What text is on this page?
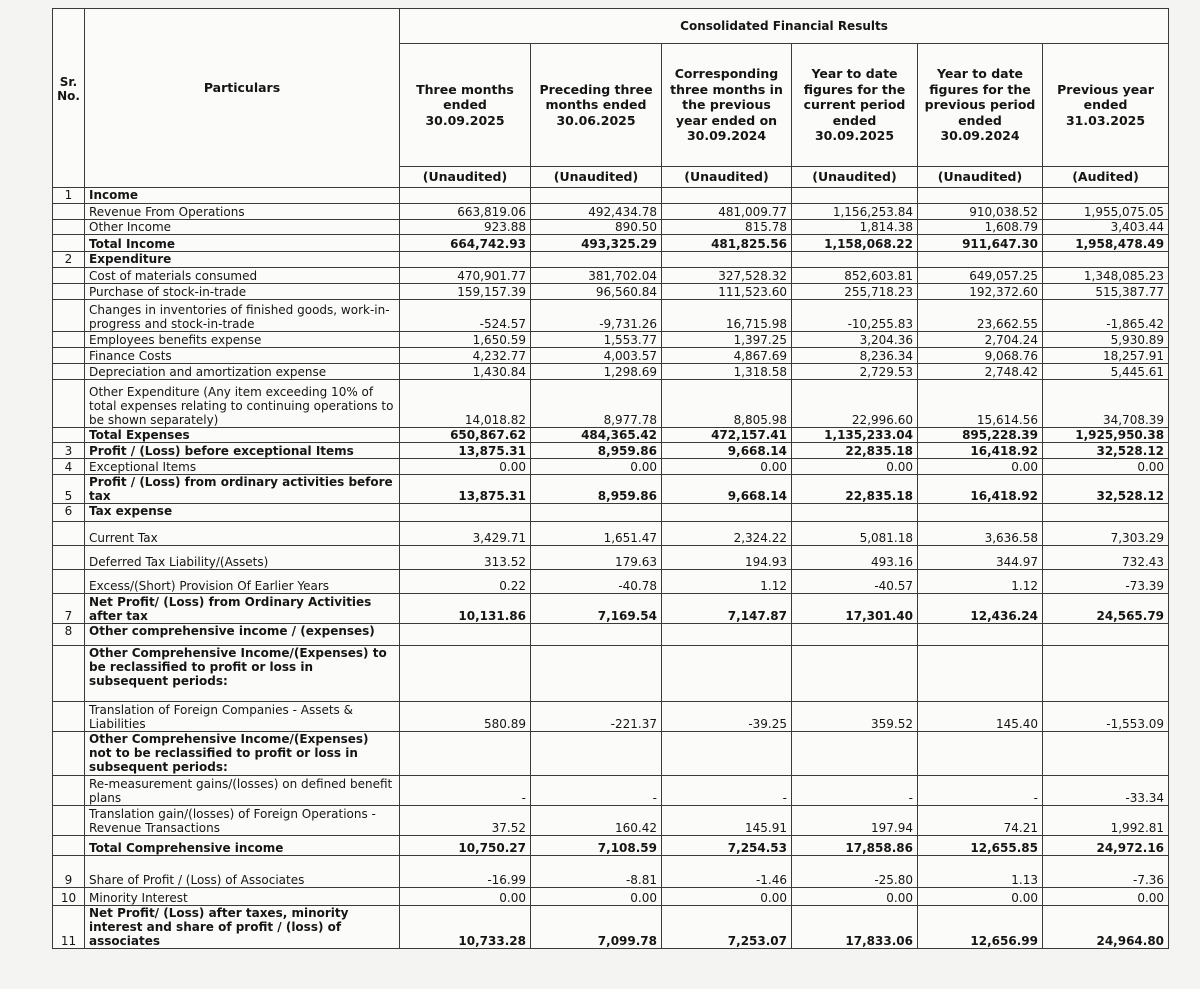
Sr. No.	Particulars	Consolidated Financial Results					
		Three months ended 30.09.2025	Preceding three months ended 30.06.2025	Corresponding three months in the previous year ended on 30.09.2024	Year to date figures for the current period ended 30.09.2025	Year to date figures for the previous period ended 30.09.2024	Previous year ended 31.03.2025
		(Unaudited)	(Unaudited)	(Unaudited)	(Unaudited)	(Unaudited)	(Audited)
1	Income						
	Revenue From Operations	663,819.06	492,434.78	481,009.77	1,156,253.84	910,038.52	1,955,075.05
	Other Income	923.88	890.50	815.78	1,814.38	1,608.79	3,403.44
	Total Income	664,742.93	493,325.29	481,825.56	1,158,068.22	911,647.30	1,958,478.49
2	Expenditure						
	Cost of materials consumed	470,901.77	381,702.04	327,528.32	852,603.81	649,057.25	1,348,085.23
	Purchase of stock-in-trade	159,157.39	96,560.84	111,523.60	255,718.23	192,372.60	515,387.77
	Changes in inventories of finished goods, work-in-progress and stock-in-trade	-524.57	-9,731.26	16,715.98	-10,255.83	23,662.55	-1,865.42
	Employees benefits expense	1,650.59	1,553.77	1,397.25	3,204.36	2,704.24	5,930.89
	Finance Costs	4,232.77	4,003.57	4,867.69	8,236.34	9,068.76	18,257.91
	Depreciation and amortization expense	1,430.84	1,298.69	1,318.58	2,729.53	2,748.42	5,445.61
	Other Expenditure (Any item exceeding 10% of total expenses relating to continuing operations to be shown separately)	14,018.82	8,977.78	8,805.98	22,996.60	15,614.56	34,708.39
	Total Expenses	650,867.62	484,365.42	472,157.41	1,135,233.04	895,228.39	1,925,950.38
3	Profit / (Loss) before exceptional Items	13,875.31	8,959.86	9,668.14	22,835.18	16,418.92	32,528.12
4	Exceptional Items	0.00	0.00	0.00	0.00	0.00	0.00
5	Profit / (Loss) from ordinary activities before tax	13,875.31	8,959.86	9,668.14	22,835.18	16,418.92	32,528.12
6	Tax expense						
	Current Tax	3,429.71	1,651.47	2,324.22	5,081.18	3,636.58	7,303.29
	Deferred Tax Liability/(Assets)	313.52	179.63	194.93	493.16	344.97	732.43
	Excess/(Short) Provision Of Earlier Years	0.22	-40.78	1.12	-40.57	1.12	-73.39
7	Net Profit/ (Loss) from Ordinary Activities after tax	10,131.86	7,169.54	7,147.87	17,301.40	12,436.24	24,565.79
8	Other comprehensive income / (expenses)						
	Other Comprehensive Income/(Expenses) to be reclassified to profit or loss in subsequent periods:						
	Translation of Foreign Companies - Assets & Liabilities	580.89	-221.37	-39.25	359.52	145.40	-1,553.09
	Other Comprehensive Income/(Expenses) not to be reclassified to profit or loss in subsequent periods:						
	Re-measurement gains/(losses) on defined benefit plans	-	-	-	-	-	-33.34
	Translation gain/(losses) of Foreign Operations - Revenue Transactions	37.52	160.42	145.91	197.94	74.21	1,992.81
	Total Comprehensive income	10,750.27	7,108.59	7,254.53	17,858.86	12,655.85	24,972.16
9	Share of Profit / (Loss) of Associates	-16.99	-8.81	-1.46	-25.80	1.13	-7.36
10	Minority Interest	0.00	0.00	0.00	0.00	0.00	0.00
11	Net Profit/ (Loss) after taxes, minority interest and share of profit / (loss) of associates	10,733.28	7,099.78	7,253.07	17,833.06	12,656.99	24,964.80
